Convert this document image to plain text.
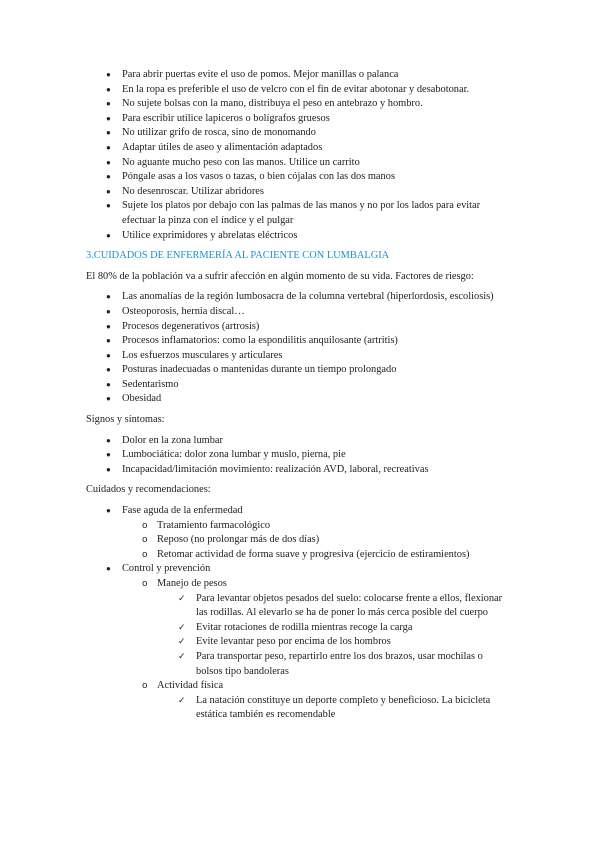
● Para abrir puertas evite el uso de pomos. Mejor manillas o palanca
● En la ropa es preferible el uso de velcro con el fin de evitar abotonar y desabotonar.
● No sujete bolsas con la mano, distribuya el peso en antebrazo y hombro.
● Para escribir utilice lapiceros o bolígrafos gruesos
● No utilizar grifo de rosca, sino de monomando
● Adaptar útiles de aseo y alimentación adaptados
● No aguante mucho peso con las manos. Utilice un carrito
● Póngale asas a los vasos o tazas, o bien cójalas con las dos manos
● No desenroscar. Utilizar abridores
● Sujete los platos por debajo con las palmas de las manos y no por los lados para evitar efectuar la pinza con el índice y el pulgar
● Utilice exprimidores y abrelatas eléctricos
3.CUIDADOS DE ENFERMERÍA AL PACIENTE CON LUMBALGIA
El 80% de la población va a sufrir afección en algún momento de su vida. Factores de riesgo:
● Las anomalías de la región lumbosacra de la columna vertebral (hiperlordosis, escoliosis)
● Osteoporosis, hernia discal…
● Procesos degenerativos (artrosis)
● Procesos inflamatorios: como la espondilitis anquilosante (artritis)
● Los esfuerzos musculares y articulares
● Posturas inadecuadas o mantenidas durante un tiempo prolongado
● Sedentarismo
● Obesidad
Signos y síntomas:
● Dolor en la zona lumbar
● Lumbociática: dolor zona lumbar y muslo, pierna, pie
● Incapacidad/limitación movimiento: realización AVD, laboral, recreativas
Cuidados y recomendaciones:
● Fase aguda de la enfermedad
o Tratamiento farmacológico
o Reposo (no prolongar más de dos días)
o Retomar actividad de forma suave y progresiva (ejercicio de estiramientos)
● Control y prevención
o Manejo de pesos
✓ Para levantar objetos pesados del suelo: colocarse frente a ellos, flexionar las rodillas. Al elevarlo se ha de poner lo más cerca posible del cuerpo
✓ Evitar rotaciones de rodilla mientras recoge la carga
✓ Evite levantar peso por encima de los hombros
✓ Para transportar peso, repartirlo entre los dos brazos, usar mochilas o bolsos tipo bandoleras
o Actividad física
✓ La natación constituye un deporte completo y beneficioso. La bicicleta estática también es recomendable
